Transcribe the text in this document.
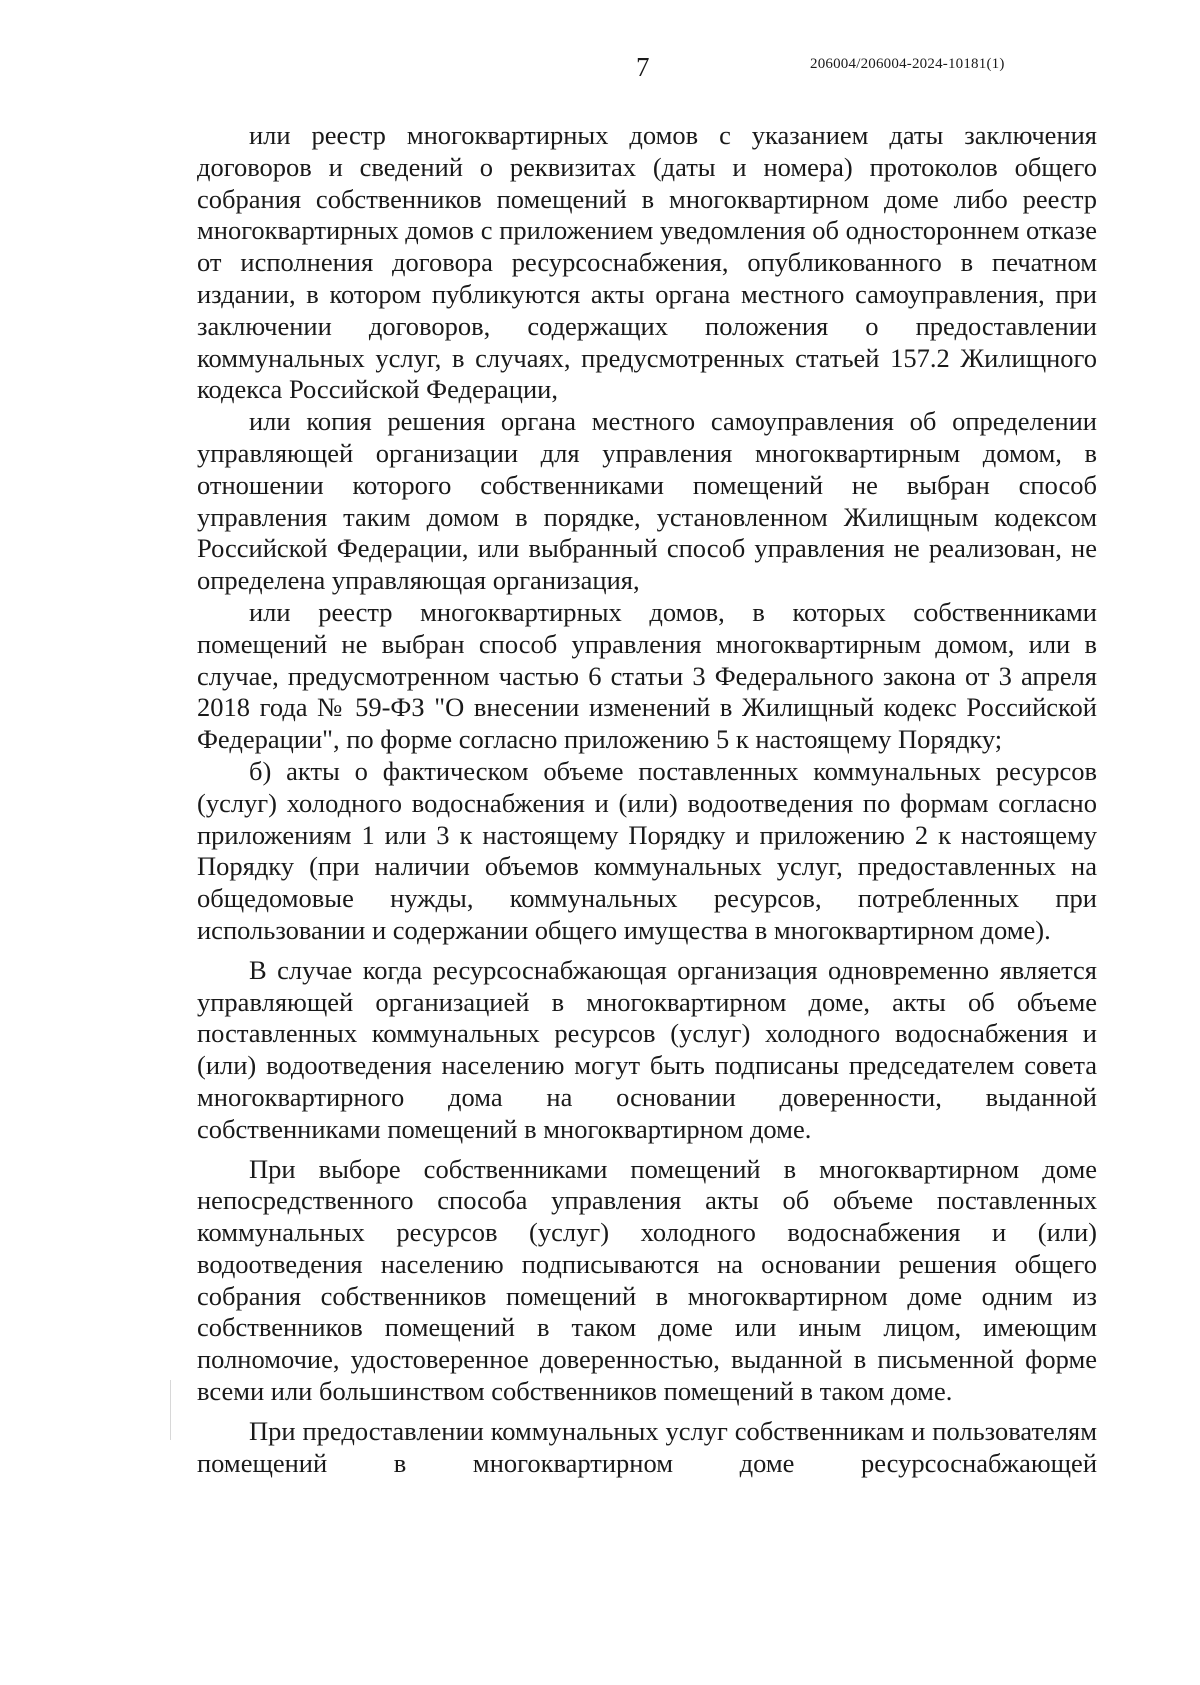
7	206004/206004-2024-10181(1)

или реестр многоквартирных домов с указанием даты заключения договоров и сведений о реквизитах (даты и номера) протоколов общего собрания собственников помещений в многоквартирном доме либо реестр многоквартирных домов с приложением уведомления об одностороннем отказе от исполнения договора ресурсоснабжения, опубликованного в печатном издании, в котором публикуются акты органа местного самоуправления, при заключении договоров, содержащих положения о предоставлении коммунальных услуг, в случаях, предусмотренных статьей 157.2 Жилищного кодекса Российской Федерации,

или копия решения органа местного самоуправления об определении управляющей организации для управления многоквартирным домом, в отношении которого собственниками помещений не выбран способ управления таким домом в порядке, установленном Жилищным кодексом Российской Федерации, или выбранный способ управления не реализован, не определена управляющая организация,

или реестр многоквартирных домов, в которых собственниками помещений не выбран способ управления многоквартирным домом, или в случае, предусмотренном частью 6 статьи 3 Федерального закона от 3 апреля 2018 года № 59-ФЗ "О внесении изменений в Жилищный кодекс Российской Федерации", по форме согласно приложению 5 к настоящему Порядку;

б) акты о фактическом объеме поставленных коммунальных ресурсов (услуг) холодного водоснабжения и (или) водоотведения по формам согласно приложениям 1 или 3 к настоящему Порядку и приложению 2 к настоящему Порядку (при наличии объемов коммунальных услуг, предоставленных на общедомовые нужды, коммунальных ресурсов, потребленных при использовании и содержании общего имущества в многоквартирном доме).

В случае когда ресурсоснабжающая организация одновременно является управляющей организацией в многоквартирном доме, акты об объеме поставленных коммунальных ресурсов (услуг) холодного водоснабжения и (или) водоотведения населению могут быть подписаны председателем совета многоквартирного дома на основании доверенности, выданной собственниками помещений в многоквартирном доме.

При выборе собственниками помещений в многоквартирном доме непосредственного способа управления акты об объеме поставленных коммунальных ресурсов (услуг) холодного водоснабжения и (или) водоотведения населению подписываются на основании решения общего собрания собственников помещений в многоквартирном доме одним из собственников помещений в таком доме или иным лицом, имеющим полномочие, удостоверенное доверенностью, выданной в письменной форме всеми или большинством собственников помещений в таком доме.

При предоставлении коммунальных услуг собственникам и пользователям помещений в многоквартирном доме ресурсоснабжающей
